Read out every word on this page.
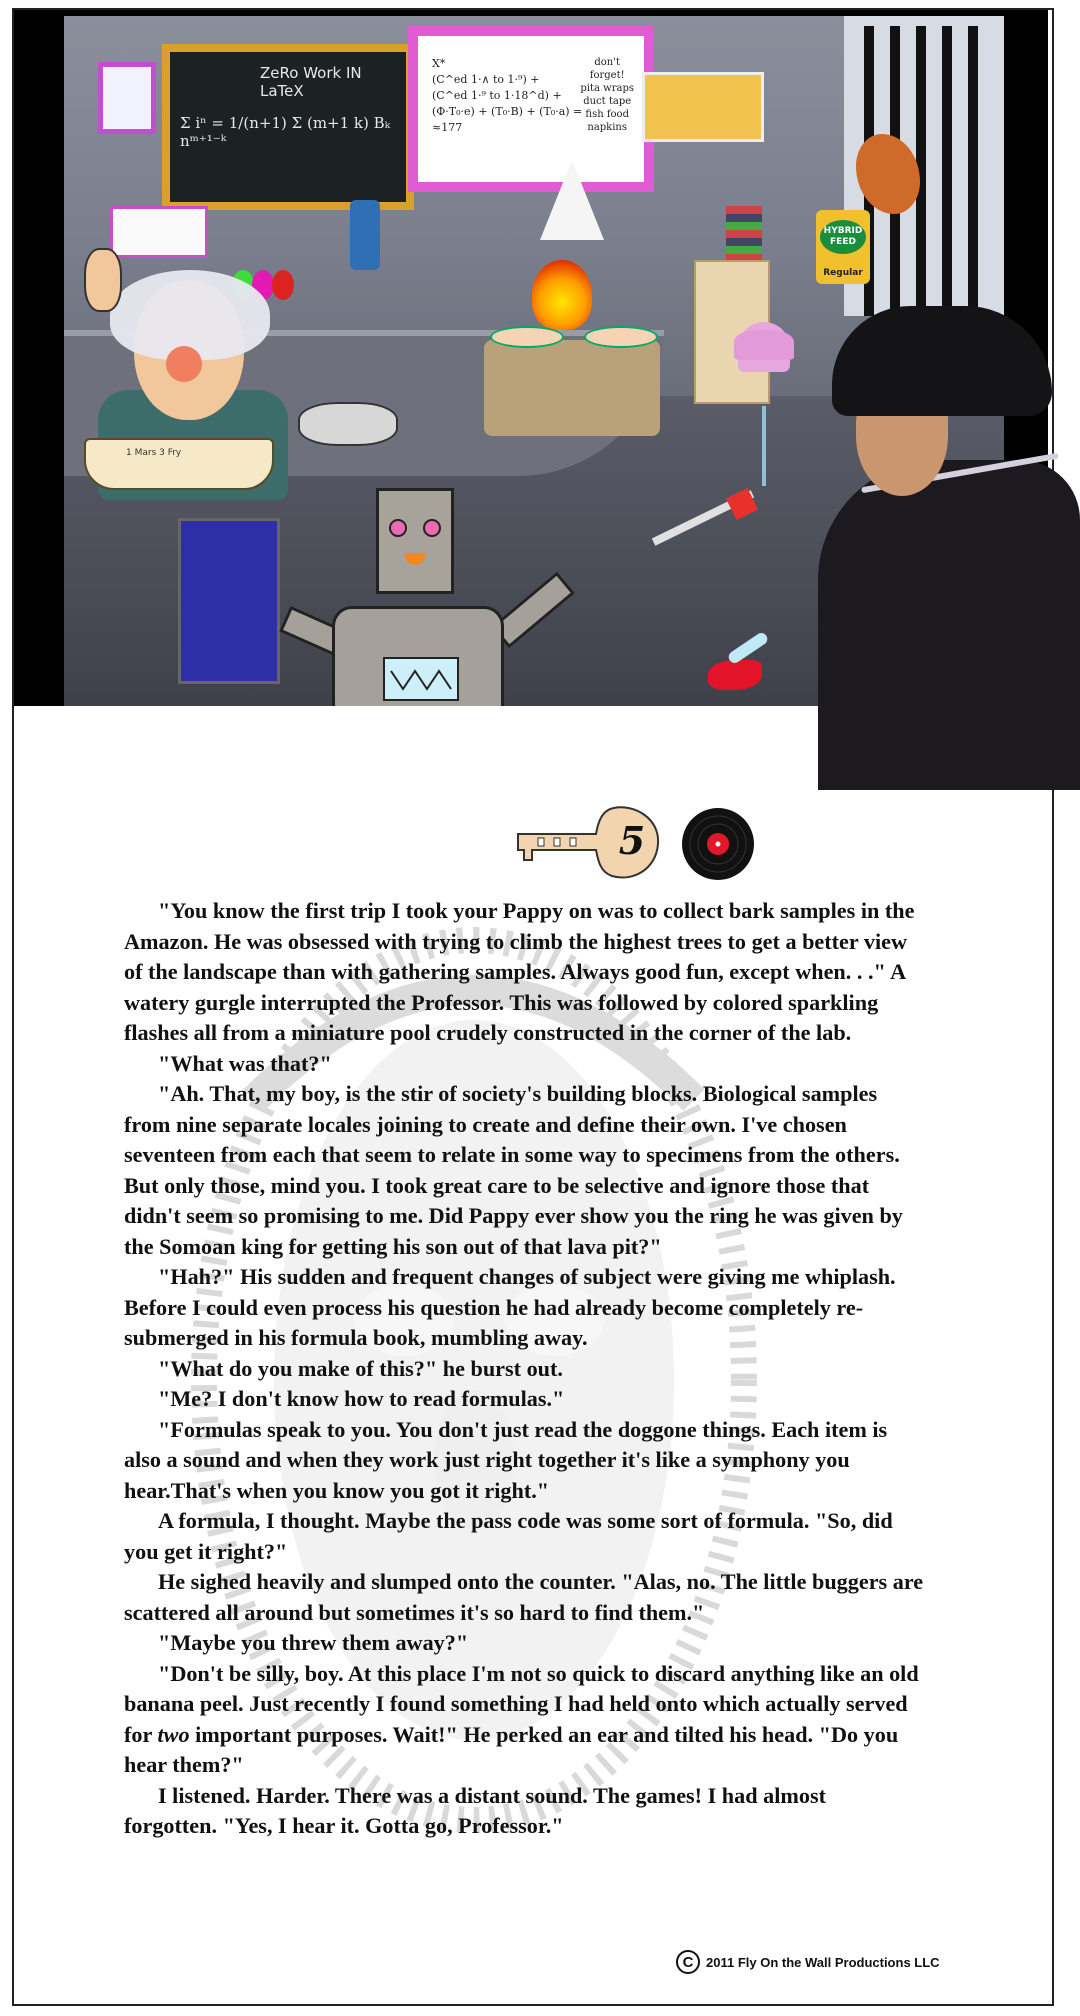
ZeRo Work IN LaTeX
Σ iⁿ = 1/(n+1) Σ (m+1 k) Bₖ nᵐ⁺¹⁻ᵏ
X*
(C^ed 1·∧ to 1·⁹) +
(C^ed 1·⁹ to 1·18^d) +
(Φ·T₀·e) + (T₀·B) + (T₀·a) =
≈177
don't
forget!
pita wraps
duct tape
fish food
napkins
HYBRID FEED
Regular
1 Mars 3 Fry
5

"You know the first trip I took your Pappy on was to collect bark samples in the Amazon. He was obsessed with trying to climb the highest trees to get a better view of the landscape than with gathering samples. Always good fun, except when. . ." A watery gurgle interrupted the Professor. This was followed by colored sparkling flashes all from a miniature pool crudely constructed in the corner of the lab.

"What was that?"

"Ah. That, my boy, is the stir of society's building blocks. Biological samples from nine separate locales joining to create and define their own. I've chosen seventeen from each that seem to relate in some way to specimens from the others. But only those, mind you. I took great care to be selective and ignore those that didn't seem so promising to me. Did Pappy ever show you the ring he was given by the Somoan king for getting his son out of that lava pit?"

"Hah?" His sudden and frequent changes of subject were giving me whiplash. Before I could even process his question he had already become completely re-submerged in his formula book, mumbling away.

"What do you make of this?" he burst out.

"Me? I don't know how to read formulas."

"Formulas speak to you. You don't just read the doggone things. Each item is also a sound and when they work just right together it's like a symphony you hear.That's when you know you got it right."

A formula, I thought. Maybe the pass code was some sort of formula. "So, did you get it right?"

He sighed heavily and slumped onto the counter. "Alas, no. The little buggers are scattered all around but sometimes it's so hard to find them."

"Maybe you threw them away?"

"Don't be silly, boy. At this place I'm not so quick to discard anything like an old banana peel. Just recently I found something I had held onto which actually served for two important purposes. Wait!" He perked an ear and tilted his head. "Do you hear them?"

I listened. Harder. There was a distant sound. The games! I had almost forgotten. "Yes, I hear it. Gotta go, Professor."

C 2011 Fly On the Wall Productions LLC
